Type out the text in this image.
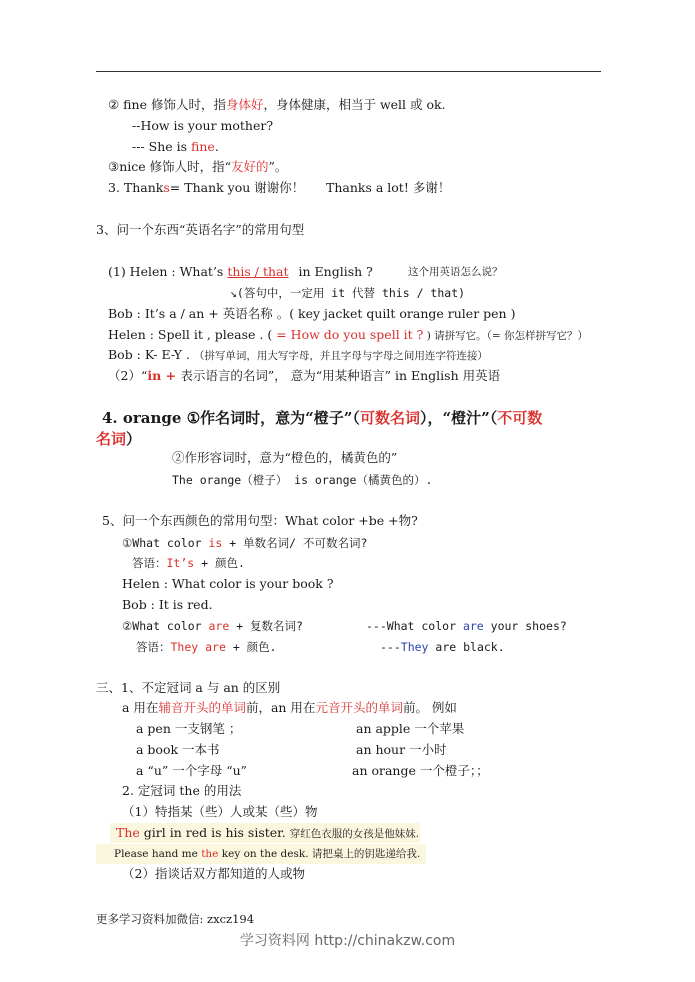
② fine 修饰人时，指身体好，身体健康，相当于 well 或 ok.
--How is your mother?
--- She is fine.
③nice 修饰人时，指“友好的”。
3. Thanks= Thank you 谢谢你！ Thanks a lot! 多谢！
3、问一个东西“英语名字”的常用句型
(1) Helen : What’s this / that in English ?	这个用英语怎么说？
↘(答句中，一定用 it 代替 this / that)
Bob : It’s a / an + 英语名称 。( key jacket quilt orange ruler pen )
Helen : Spell it , please . ( = How do you spell it ? ) 请拼写它。（= 你怎样拼写它？）
Bob : K- E-Y . （拼写单词，用大写字母，并且字母与字母之间用连字符连接）
（2）“in + 表示语言的名词”， 意为“用某种语言” in English 用英语
4. orange ①作名词时，意为“橙子”（可数名词），“橙汁”（不可数
名词）
②作形容词时，意为“橙色的，橘黄色的”
The orange（橙子） is orange（橘黄色的）.
5、问一个东西颜色的常用句型：What color +be +物?
①What color is + 单数名词/ 不可数名词?
答语：It’s + 颜色.
Helen : What color is your book ?
Bob : It is red.
②What color are + 复数名词?	---What color are your shoes?
答语：They are + 颜色.	---They are black.
三、1、不定冠词 a 与 an 的区别
a 用在辅音开头的单词前，an 用在元音开头的单词前。 例如
a pen 一支钢笔 ；	an apple 一个苹果
a book 一本书	an hour 一小时
a “u” 一个字母 “u”	an orange 一个橙子；；
2. 定冠词 the 的用法
（1）特指某（些）人或某（些）物
The girl in red is his sister. 穿红色衣服的女孩是他妹妹.
Please hand me the key on the desk. 请把桌上的钥匙递给我.
（2）指谈话双方都知道的人或物
更多学习资料加微信: zxcz194
学习资料网 http://chinakzw.com
